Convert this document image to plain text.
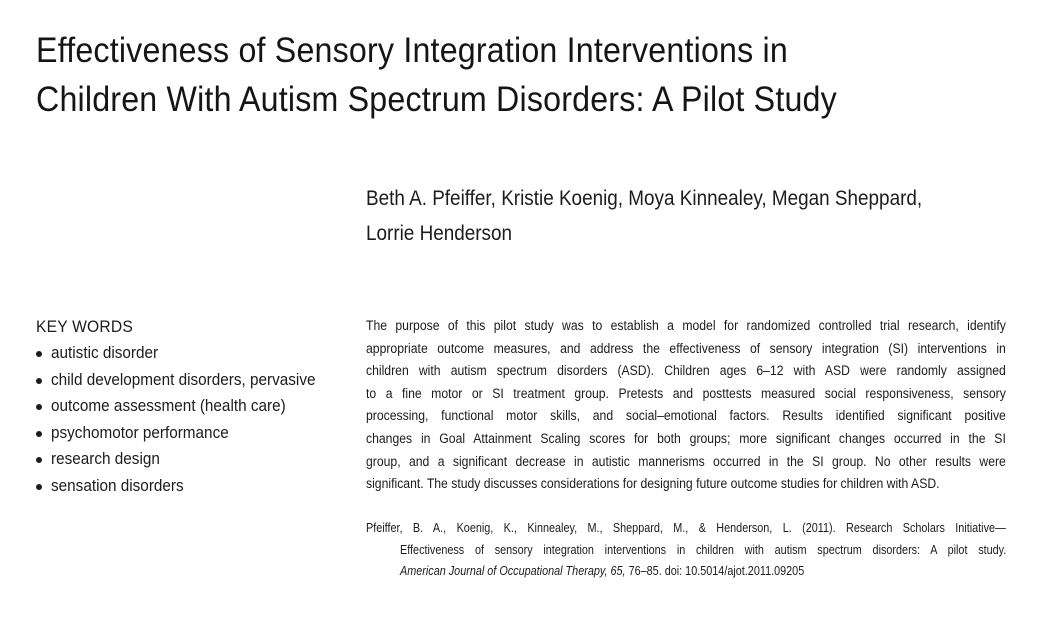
Effectiveness of Sensory Integration Interventions in
Children With Autism Spectrum Disorders: A Pilot Study
Beth A. Pfeiffer, Kristie Koenig, Moya Kinnealey, Megan Sheppard,
Lorrie Henderson
KEY WORDS
autistic disorder
child development disorders, pervasive
outcome assessment (health care)
psychomotor performance
research design
sensation disorders
The purpose of this pilot study was to establish a model for randomized controlled trial research, identify
appropriate outcome measures, and address the effectiveness of sensory integration (SI) interventions in
children with autism spectrum disorders (ASD). Children ages 6–12 with ASD were randomly assigned
to a fine motor or SI treatment group. Pretests and posttests measured social responsiveness, sensory
processing, functional motor skills, and social–emotional factors. Results identified significant positive
changes in Goal Attainment Scaling scores for both groups; more significant changes occurred in the SI
group, and a significant decrease in autistic mannerisms occurred in the SI group. No other results were
significant. The study discusses considerations for designing future outcome studies for children with ASD.
Pfeiffer, B. A., Koenig, K., Kinnealey, M., Sheppard, M., & Henderson, L. (2011). Research Scholars Initiative—
Effectiveness of sensory integration interventions in children with autism spectrum disorders: A pilot study.
American Journal of Occupational Therapy, 65, 76–85. doi: 10.5014/ajot.2011.09205
